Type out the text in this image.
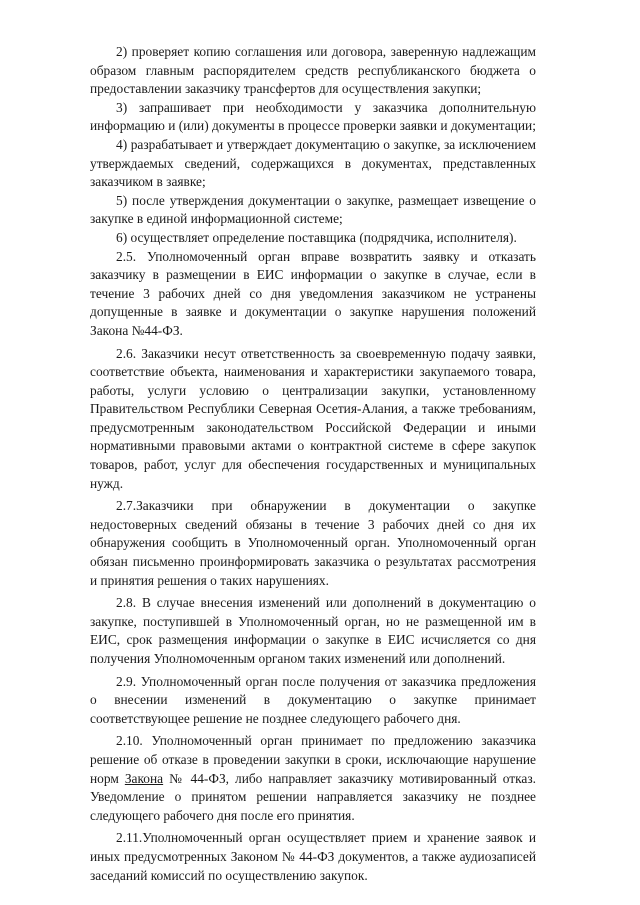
2) проверяет копию соглашения или договора, заверенную надлежащим образом главным распорядителем средств республиканского бюджета о предоставлении заказчику трансфертов для осуществления закупки;

3) запрашивает при необходимости у заказчика дополнительную информацию и (или) документы в процессе проверки заявки и документации;

4) разрабатывает и утверждает документацию о закупке, за исключением утверждаемых сведений, содержащихся в документах, представленных заказчиком в заявке;

5) после утверждения документации о закупке, размещает извещение о закупке в единой информационной системе;

6) осуществляет определение поставщика (подрядчика, исполнителя).

2.5. Уполномоченный орган вправе возвратить заявку и отказать заказчику в размещении в ЕИС информации о закупке в случае, если в течение 3 рабочих дней со дня уведомления заказчиком не устранены допущенные в заявке и документации о закупке нарушения положений Закона №44-ФЗ.

2.6. Заказчики несут ответственность за своевременную подачу заявки, соответствие объекта, наименования и характеристики закупаемого товара, работы, услуги условию о централизации закупки, установленному Правительством Республики Северная Осетия-Алания, а также требованиям, предусмотренным законодательством Российской Федерации и иными нормативными правовыми актами о контрактной системе в сфере закупок товаров, работ, услуг для обеспечения государственных и муниципальных нужд.

2.7.Заказчики при обнаружении в документации о закупке недостоверных сведений обязаны в течение 3 рабочих дней со дня их обнаружения сообщить в Уполномоченный орган. Уполномоченный орган обязан письменно проинформировать заказчика о результатах рассмотрения и принятия решения о таких нарушениях.

2.8. В случае внесения изменений или дополнений в документацию о закупке, поступившей в Уполномоченный орган, но не размещенной им в ЕИС, срок размещения информации о закупке в ЕИС исчисляется со дня получения Уполномоченным органом таких изменений или дополнений.

2.9. Уполномоченный орган после получения от заказчика предложения о внесении изменений в документацию о закупке принимает соответствующее решение не позднее следующего рабочего дня.

2.10. Уполномоченный орган принимает по предложению заказчика решение об отказе в проведении закупки в сроки, исключающие нарушение норм Закона № 44-ФЗ, либо направляет заказчику мотивированный отказ. Уведомление о принятом решении направляется заказчику не позднее следующего рабочего дня после его принятия.

2.11.Уполномоченный орган осуществляет прием и хранение заявок и иных предусмотренных Законом № 44-ФЗ документов, а также аудиозаписей заседаний комиссий по осуществлению закупок.
